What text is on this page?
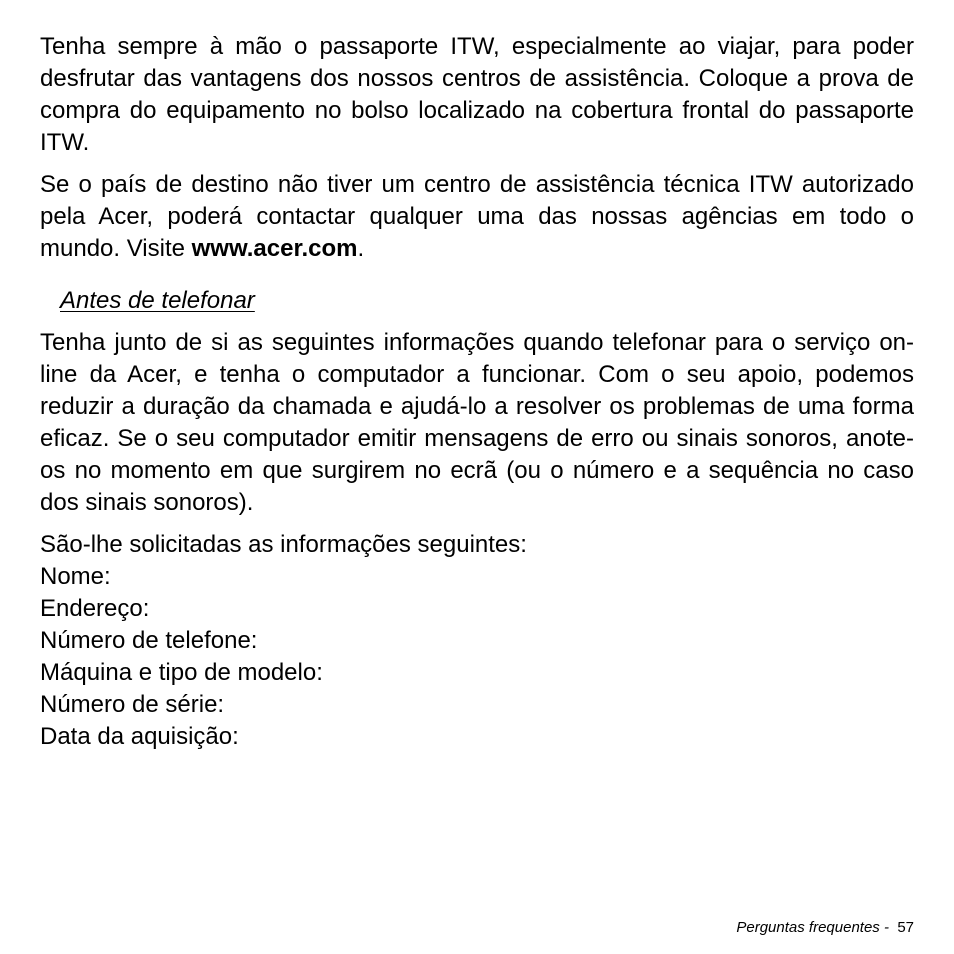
Tenha sempre à mão o passaporte ITW, especialmente ao viajar, para poder desfrutar das vantagens dos nossos centros de assistência. Coloque a prova de compra do equipamento no bolso localizado na cobertura frontal do passaporte ITW.

Se o país de destino não tiver um centro de assistência técnica ITW autorizado pela Acer, poderá contactar qualquer uma das nossas agências em todo o mundo. Visite www.acer.com.

Antes de telefonar

Tenha junto de si as seguintes informações quando telefonar para o serviço on-line da Acer, e tenha o computador a funcionar. Com o seu apoio, podemos reduzir a duração da chamada e ajudá-lo a resolver os problemas de uma forma eficaz. Se o seu computador emitir mensagens de erro ou sinais sonoros, anote-os no momento em que surgirem no ecrã (ou o número e a sequência no caso dos sinais sonoros).

São-lhe solicitadas as informações seguintes:

Nome:
Endereço:
Número de telefone:
Máquina e tipo de modelo:
Número de série:
Data da aquisição:
Perguntas frequentes - 57
